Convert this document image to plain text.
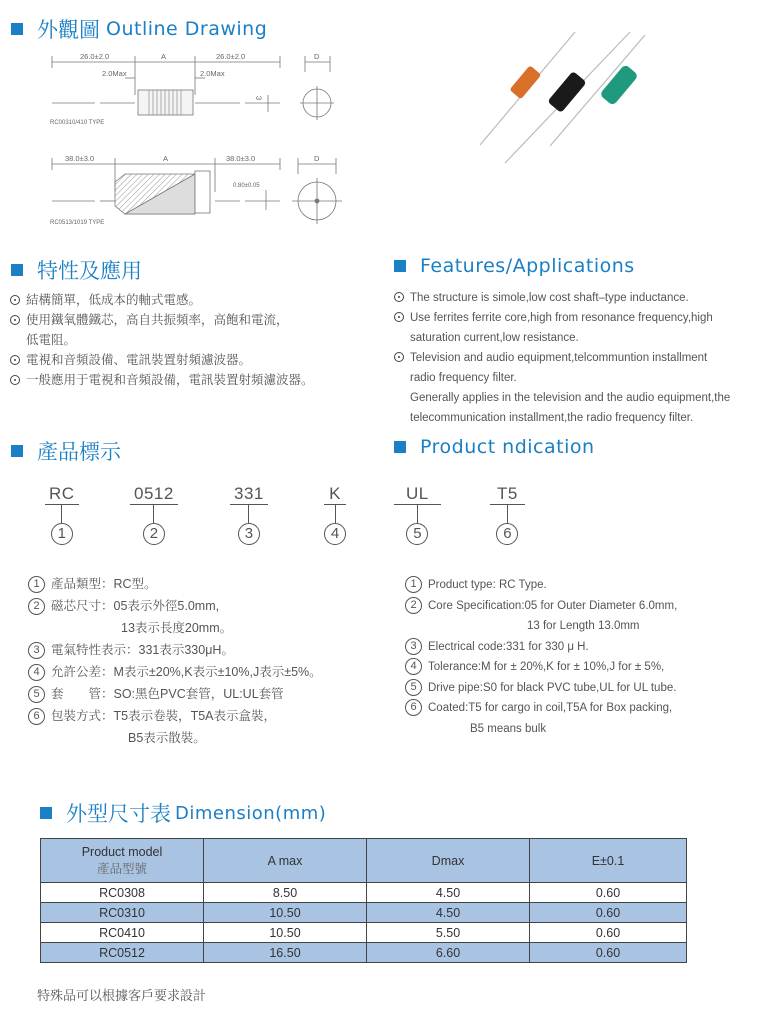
外觀圖 Outline Drawing
26.0±2.0	A	26.0±2.0	D
2.0Max	2.0Max
ω
RC00310/410 TYPE
38.0±3.0	A	38.0±3.0	D
0.80±0.05
RC0513/1019 TYPE
特性及應用
結構簡單，低成本的軸式電感。
使用鐵氧體鐵芯，高自共振頻率，高飽和電流，
低電阻。
電視和音頻設備、電訊裝置射頻濾波器。
一般應用于電視和音頻設備，電訊裝置射頻濾波器。
Features/Applications
The structure is simole,low cost shaft–type inductance.
Use ferrites ferrite core,high from resonance frequency,high
saturation current,low resistance.
Television and audio equipment,telcommuntion installment
radio frequency filter.
Generally applies in the television and the audio equipment,the
telecommunication installment,the radio frequency filter.
產品標示	Product ndication
RC
1
0512
2
331
3
K
4
UL
5
T5
6
1 產品類型：RC型。
2 磁芯尺寸：05表示外徑5.0mm,
13表示長度20mm。
3 電氣特性表示：331表示330μH。
4 允許公差：M表示±20%,K表示±10%,J表示±5%。
5 套　　管：SO:黑色PVC套管，UL:UL套管
6 包裝方式：T5表示卷裝，T5A表示盒裝，
B5表示散裝。
1 Product type: RC Type.
2 Core Specification:05 for Outer Diameter 6.0mm,
13 for Length 13.0mm
3 Electrical code:331 for 330 μ H.
4 Tolerance:M for ± 20%,K for ± 10%,J for ± 5%,
5 Drive pipe:S0 for black PVC tube,UL for UL tube.
6 Coated:T5 for cargo in coil,T5A for Box packing,
B5 means bulk
外型尺寸表 Dimension(mm)
Product model
產品型號	A max	Dmax	E±0.1
RC0308	8.50	4.50	0.60
RC0310	10.50	4.50	0.60
RC0410	10.50	5.50	0.60
RC0512	16.50	6.60	0.60
特殊品可以根據客戶要求設計
